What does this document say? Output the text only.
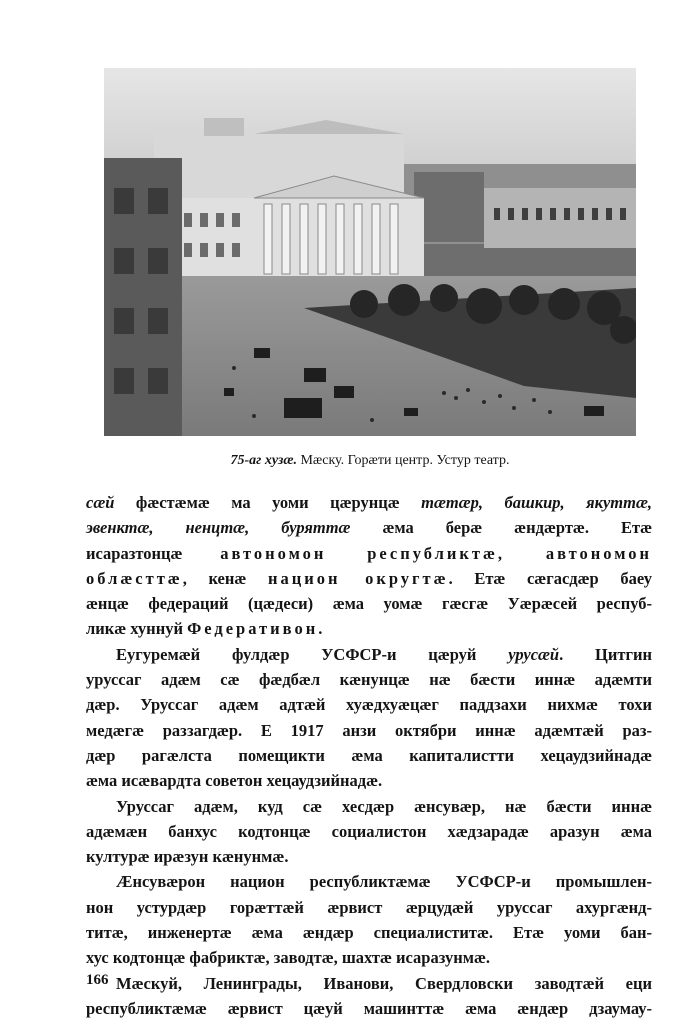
75-аг хузæ. Мæску. Горæти центр. Устур театр.
сæй фæстæмæ ма уоми цæрунцæ тæтæр, башкир, якуттæ,
эвенктæ, ненцтæ, буряттæ æма берæ æндæртæ. Етæ
исаразтонцæ автономон республиктæ, автономон
облæсттæ, кенæ национ округтæ. Етæ сæгасдæр баеу
æнцæ федераций (цæдеси) æма уомæ гæсгæ Уæрæсей респуб-
ликæ хуннуй Федеративон.
Еугуремæй фулдæр УСФСР-и цæруй урусæй. Цитгин
уруссаг адæм сæ фæдбæл кæнунцæ нæ бæсти иннæ адæмти
дæр. Уруссаг адæм адтæй хуæдхуæцæг паддзахи нихмæ тохи
медæгæ раззагдæр. Е 1917 анзи октябри иннæ адæмтæй раз-
дæр рагæлста помещикти æма капиталистти хецаудзийнадæ
æма исæвардта советон хецаудзийнадæ.
Уруссаг адæм, куд сæ хесдæр æнсувæр, нæ бæсти иннæ
адæмæн банхус кодтонцæ социалистон хæдзарадæ аразун æма
културæ ирæзун кæнунмæ.
Æнсувæрон национ республиктæмæ УСФСР-и промышлен-
нон устурдæр горæттæй æрвист æрцудæй уруссаг ахургæнд-
титæ, инженертæ æма æндæр специалиститæ. Етæ уоми бан-
хус кодтонцæ фабриктæ, заводтæ, шахтæ исаразунмæ.
Мæскуй, Ленинграды, Иванови, Свердловски заводтæй еци
республиктæмæ æрвист цæуй машинттæ æма æндæр дзаумау-
166
